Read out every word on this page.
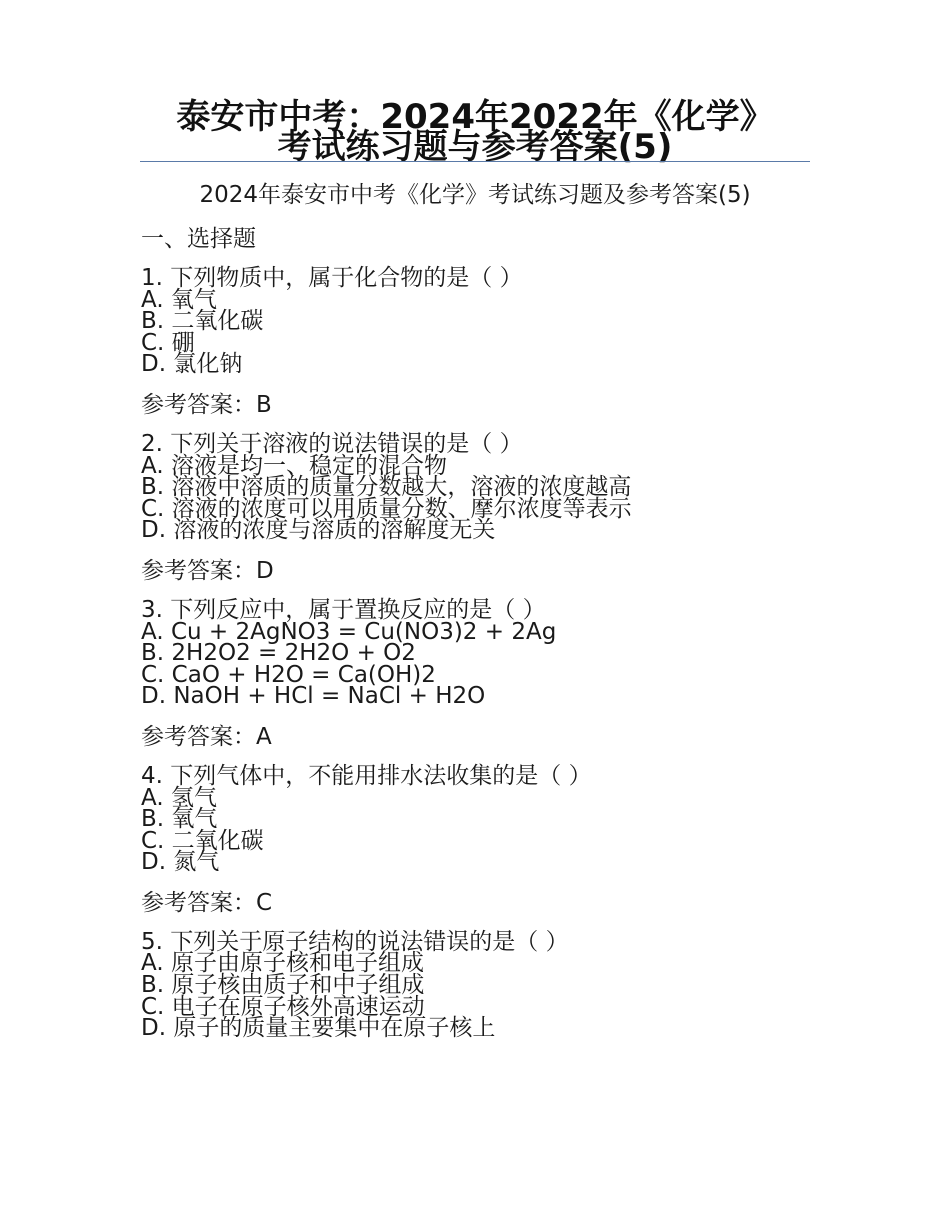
泰安市中考：2024年2022年《化学》
考试练习题与参考答案(5)
2024年泰安市中考《化学》考试练习题及参考答案(5)
一、选择题
1. 下列物质中，属于化合物的是（ ）
A. 氧气
B. 二氧化碳
C. 硼
D. 氯化钠
参考答案：B
2. 下列关于溶液的说法错误的是（ ）
A. 溶液是均一、稳定的混合物
B. 溶液中溶质的质量分数越大，溶液的浓度越高
C. 溶液的浓度可以用质量分数、摩尔浓度等表示
D. 溶液的浓度与溶质的溶解度无关
参考答案：D
3. 下列反应中，属于置换反应的是（ ）
A. Cu + 2AgNO3 = Cu(NO3)2 + 2Ag
B. 2H2O2 = 2H2O + O2
C. CaO + H2O = Ca(OH)2
D. NaOH + HCl = NaCl + H2O
参考答案：A
4. 下列气体中，不能用排水法收集的是（ ）
A. 氢气
B. 氧气
C. 二氧化碳
D. 氮气
参考答案：C
5. 下列关于原子结构的说法错误的是（ ）
A. 原子由原子核和电子组成
B. 原子核由质子和中子组成
C. 电子在原子核外高速运动
D. 原子的质量主要集中在原子核上
